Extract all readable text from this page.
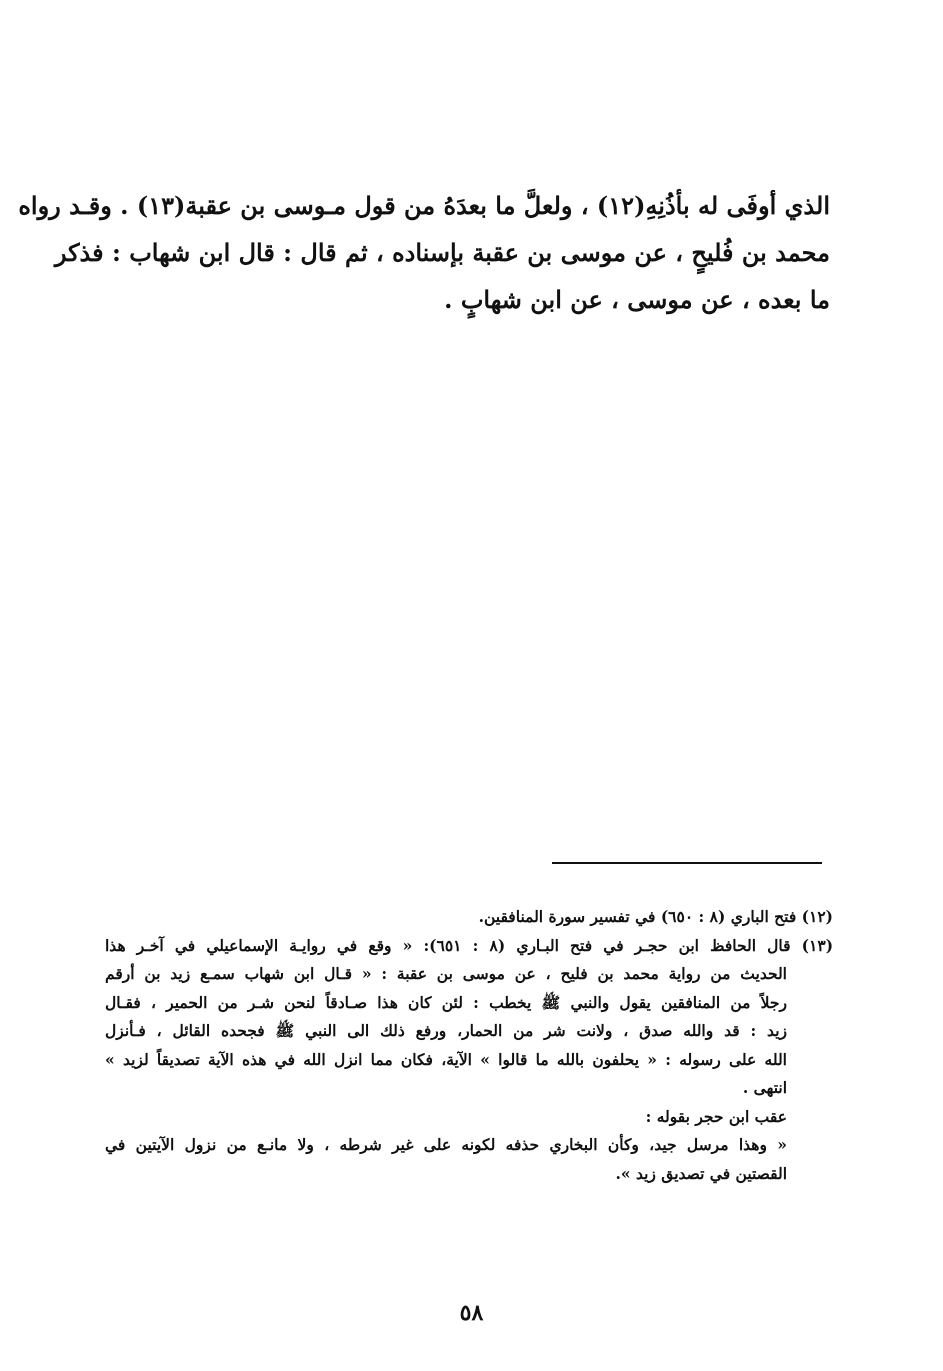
الذي أوفَى له بأذُنِهِ(١٢) ، ولعلَّ ما بعدَهُ من قول مـوسى بن عقبة(١٣) . وقـد رواه

محمد بن فُليحٍ ، عن موسى بن عقبة بإسناده ، ثم قال : قال ابن شهاب : فذكر

ما بعده ، عن موسى ، عن ابن شهابٍ .

(١٢) فتح الباري (٨ : ٦٥٠) في تفسير سورة المنافقين.

(١٣) قال الحافظ ابن حجـر في فتح البـاري (٨ : ٦٥١): « وقع في روايـة الإسماعيلي في آخـر هذا

الحديث من رواية محمد بن فليح ، عن موسى بن عقبة : « قـال ابن شهاب سمـع زيد بن أرقم

رجلاً من المنافقين يقول والنبي ﷺ يخطب : لئن كان هذا صـادقاً لنحن شـر من الحمير ، فقـال

زيد : قد والله صدق ، ولانت شر من الحمار، ورفع ذلك الى النبي ﷺ فجحده القائل ، فـأنزل

الله على رسوله : « يحلفون بالله ما قالوا » الآية، فكان مما انزل الله في هذه الآية تصديقاً لزيد »

انتهى .

عقب ابن حجر بقوله :

« وهذا مرسل جيد، وكأن البخاري حذفه لكونه على غير شرطه ، ولا مانـع من نزول الآيتين في

القصتين في تصديق زيد ».

٥٨
